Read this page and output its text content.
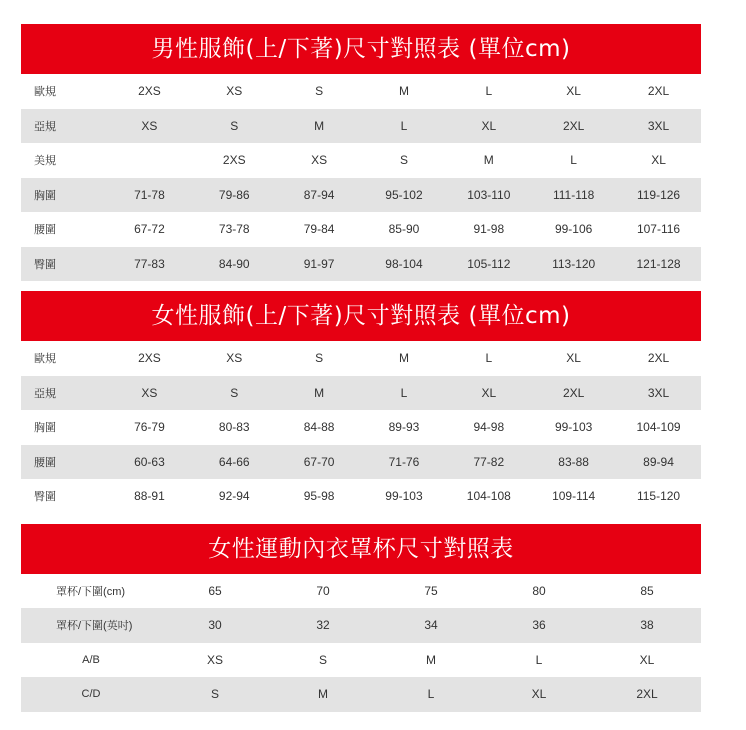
男性服飾(上/下著)尺寸對照表 (單位cm)
歐規	2XS	XS	S	M	L	XL	2XL
亞規	XS	S	M	L	XL	2XL	3XL
美規		2XS	XS	S	M	L	XL
胸圍	71-78	79-86	87-94	95-102	103-110	111-118	119-126
腰圍	67-72	73-78	79-84	85-90	91-98	99-106	107-116
臀圍	77-83	84-90	91-97	98-104	105-112	113-120	121-128
女性服飾(上/下著)尺寸對照表 (單位cm)
歐規	2XS	XS	S	M	L	XL	2XL
亞規	XS	S	M	L	XL	2XL	3XL
胸圍	76-79	80-83	84-88	89-93	94-98	99-103	104-109
腰圍	60-63	64-66	67-70	71-76	77-82	83-88	89-94
臀圍	88-91	92-94	95-98	99-103	104-108	109-114	115-120
女性運動內衣罩杯尺寸對照表
罩杯/下圍(cm)	65	70	75	80	85
罩杯/下圍(英吋)	30	32	34	36	38
A/B	XS	S	M	L	XL
C/D	S	M	L	XL	2XL
